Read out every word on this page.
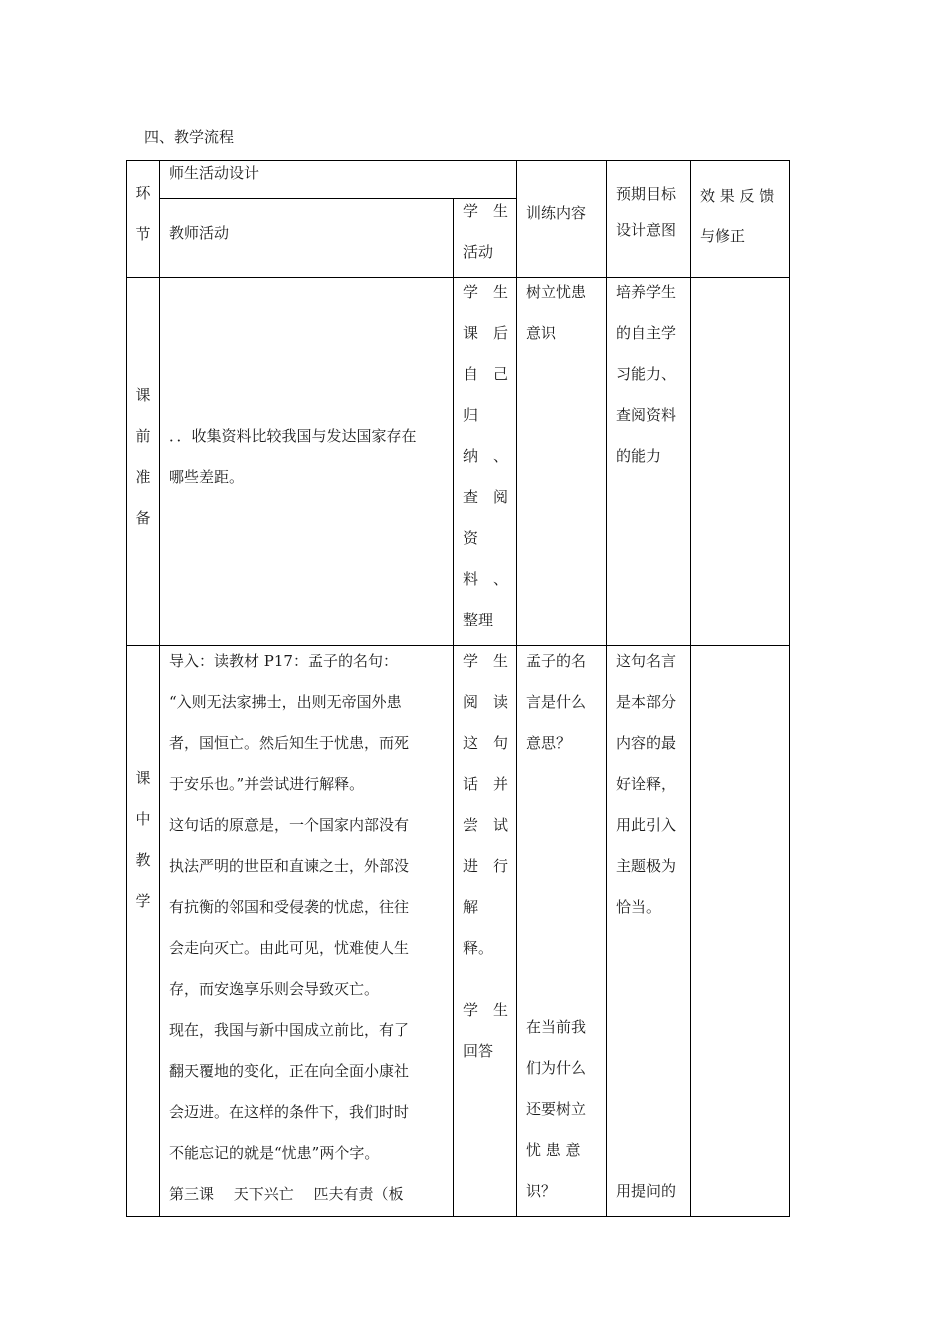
四、教学流程
环
节
师生活动设计
教师活动
学　生
活动
训练内容
预期目标
设计意图
效 果 反 馈
与修正
课
前
准
备
．．收集资料比较我国与发达国家存在
哪些差距。
学　生
课　后
自　己
归
纳　、
查　阅
资
料　、
整理
树立忧患
意识
培养学生
的自主学
习能力、
查阅资料
的能力
课
中
教
学
导入：读教材 P17：孟子的名句：
“入则无法家拂士，出则无帝国外患
者，国恒亡。然后知生于忧患，而死
于安乐也。”并尝试进行解释。
这句话的原意是，一个国家内部没有
执法严明的世臣和直谏之士，外部没
有抗衡的邻国和受侵袭的忧虑，往往
会走向灭亡。由此可见，忧难使人生
存，而安逸享乐则会导致灭亡。
现在，我国与新中国成立前比，有了
翻天覆地的变化，正在向全面小康社
会迈进。在这样的条件下，我们时时
不能忘记的就是“忧患”两个字。
第三课　 天下兴亡　 匹夫有责（板
学　生
阅　读
这　句
话　并
尝　试
进　行
解
释。
学　生
回答
孟子的名
言是什么
意思？
在当前我
们为什么
还要树立
忧 患 意
识？
这句名言
是本部分
内容的最
好诠释，
用此引入
主题极为
恰当。
用提问的
